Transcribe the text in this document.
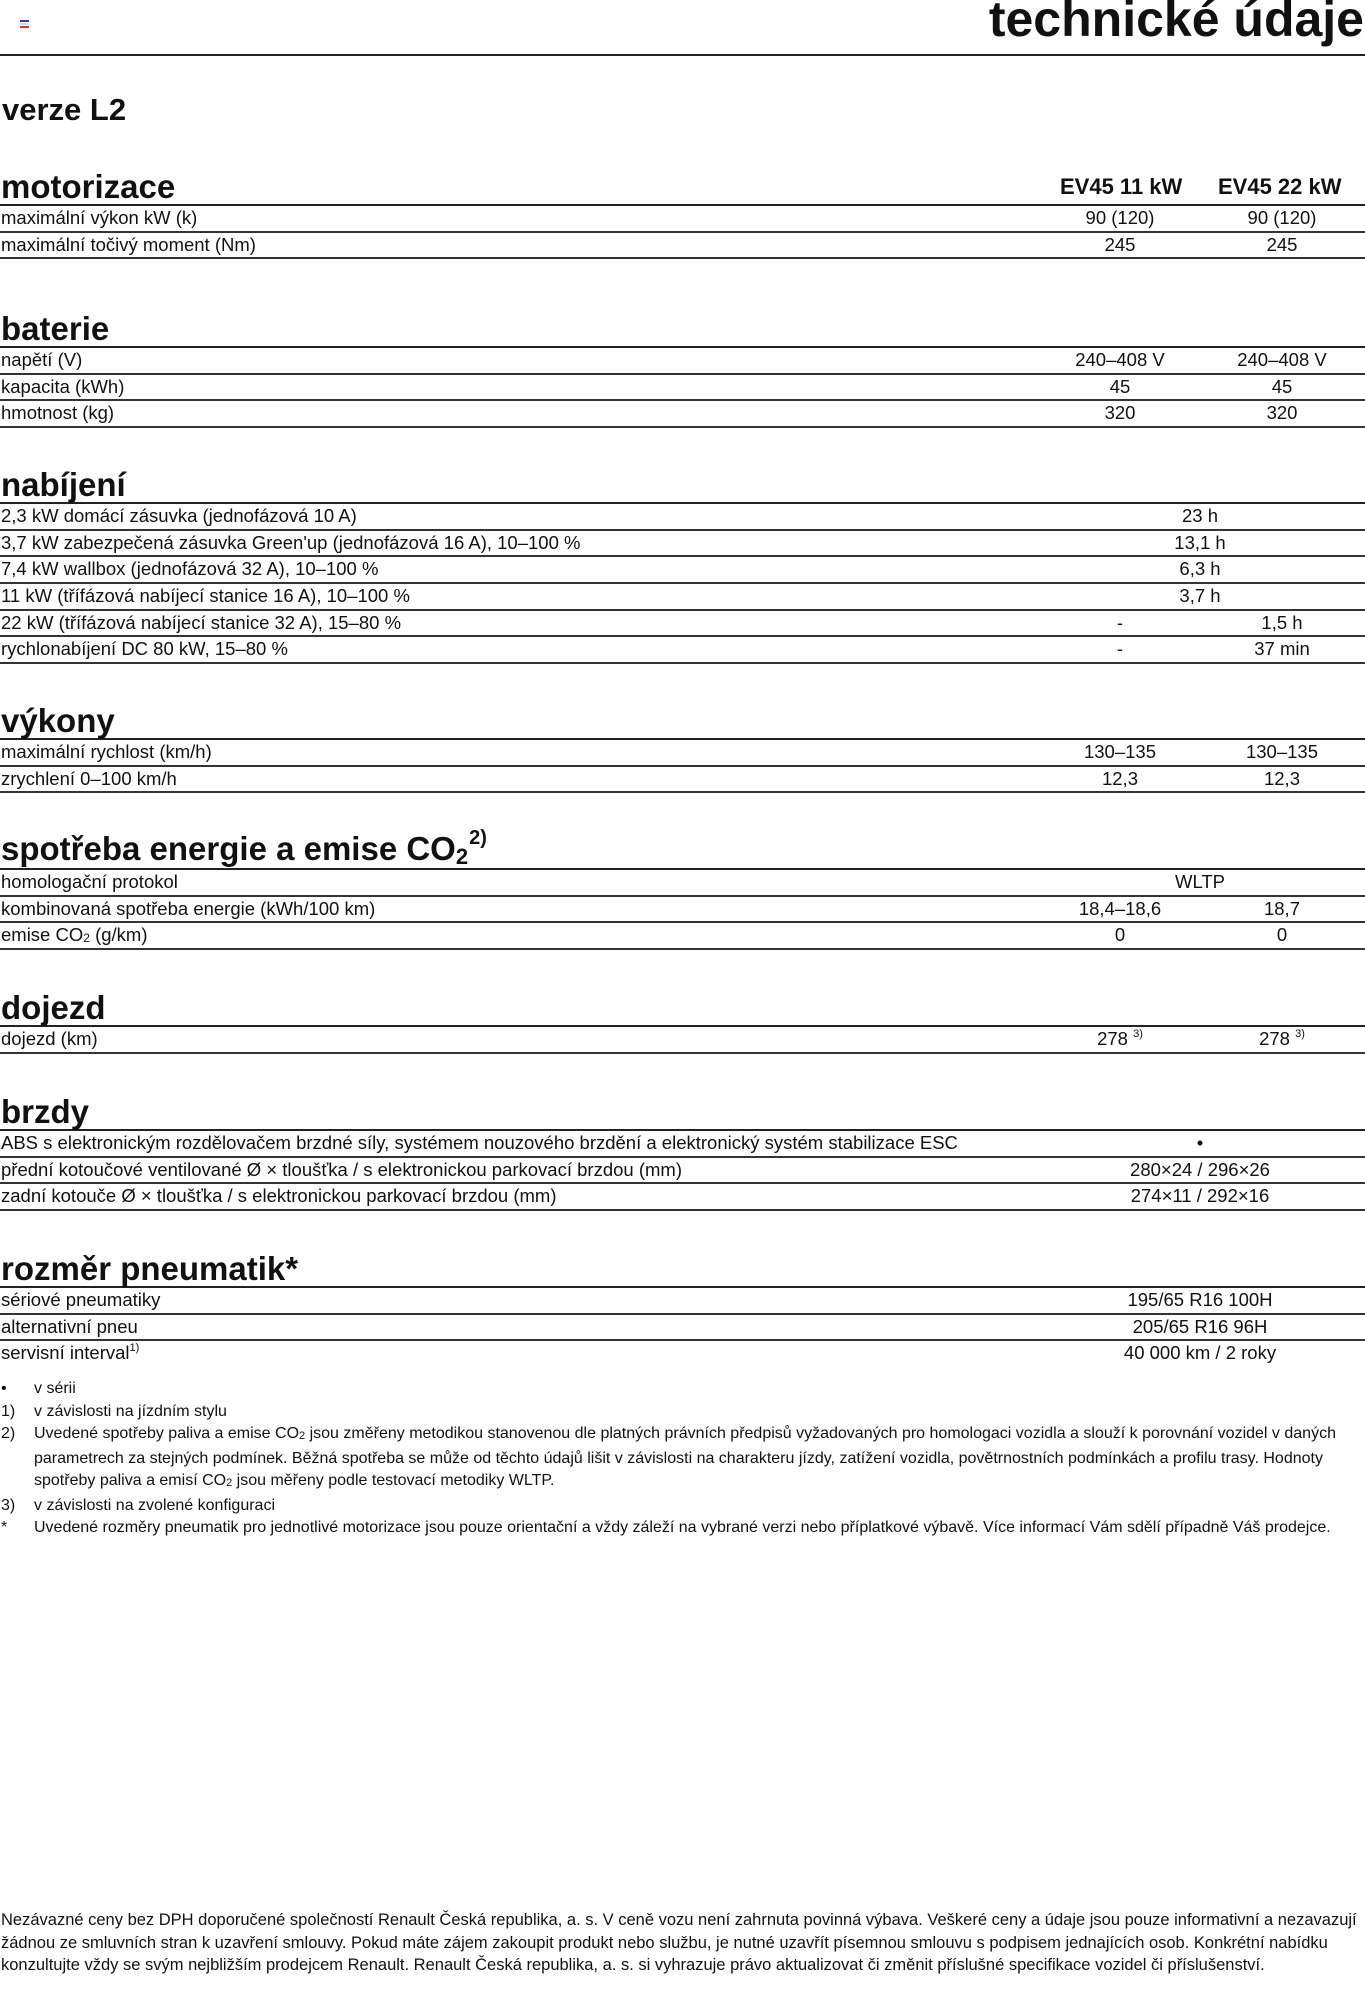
technické údaje
verze L2
motorizace	EV45 11 kW EV45 22 kW
maximální výkon kW (k)	90 (120)	90 (120)
maximální točivý moment (Nm)	245	245
baterie
napětí (V)	240–408 V	240–408 V
kapacita (kWh)	45	45
hmotnost (kg)	320	320
nabíjení
2,3 kW domácí zásuvka (jednofázová 10 A)	23 h
3,7 kW zabezpečená zásuvka Green'up (jednofázová 16 A), 10–100 %	13,1 h
7,4 kW wallbox (jednofázová 32 A), 10–100 %	6,3 h
11 kW (třífázová nabíjecí stanice 16 A), 10–100 %	3,7 h
22 kW (třífázová nabíjecí stanice 32 A), 15–80 %	-	1,5 h
rychlonabíjení DC 80 kW, 15–80 %	-	37 min
výkony
maximální rychlost (km/h)	130–135	130–135
zrychlení 0–100 km/h	12,3	12,3
spotřeba energie a emise $CO_2^{2)}$
homologační protokol	WLTP
kombinovaná spotřeba energie (kWh/100 km)	18,4–18,6	18,7
emise $CO_2$ (g/km)	0	0
dojezd
dojezd (km)	278 $^{3)}$	278 $^{3)}$
brzdy
ABS s elektronickým rozdělovačem brzdné síly, systémem nouzového brzdění a elektronický systém stabilizace ESC	•
přední kotoučové ventilované Ø × tloušťka / s elektronickou parkovací brzdou (mm)	280×24 / 296×26
zadní kotouče Ø × tloušťka / s elektronickou parkovací brzdou (mm)	274×11 / 292×16
rozměr pneumatik*
sériové pneumatiky	195/65 R16 100H
alternativní pneu	205/65 R16 96H
servisní interval$^{1)}$	40 000 km / 2 roky
• v sérii
1) v závislosti na jízdním stylu
2) Uvedené spotřeby paliva a emise $CO_2$ jsou změřeny metodikou stanovenou dle platných právních předpisů vyžadovaných pro homologaci vozidla a slouží k porovnání vozidel v daných parametrech za stejných podmínek. Běžná spotřeba se může od těchto údajů lišit v závislosti na charakteru jízdy, zatížení vozidla, povětrnostních podmínkách a profilu trasy. Hodnoty spotřeby paliva a emisí $CO_2$ jsou měřeny podle testovací metodiky WLTP.
3) v závislosti na zvolené konfiguraci
* Uvedené rozměry pneumatik pro jednotlivé motorizace jsou pouze orientační a vždy záleží na vybrané verzi nebo příplatkové výbavě. Více informací Vám sdělí případně Váš prodejce.
Nezávazné ceny bez DPH doporučené společností Renault Česká republika, a. s. V ceně vozu není zahrnuta povinná výbava. Veškeré ceny a údaje jsou pouze informativní a nezavazují žádnou ze smluvních stran k uzavření smlouvy. Pokud máte zájem zakoupit produkt nebo službu, je nutné uzavřít písemnou smlouvu s podpisem jednajících osob. Konkrétní nabídku konzultujte vždy se svým nejbližším prodejcem Renault. Renault Česká republika, a. s. si vyhrazuje právo aktualizovat či změnit příslušné specifikace vozidel či příslušenství.
